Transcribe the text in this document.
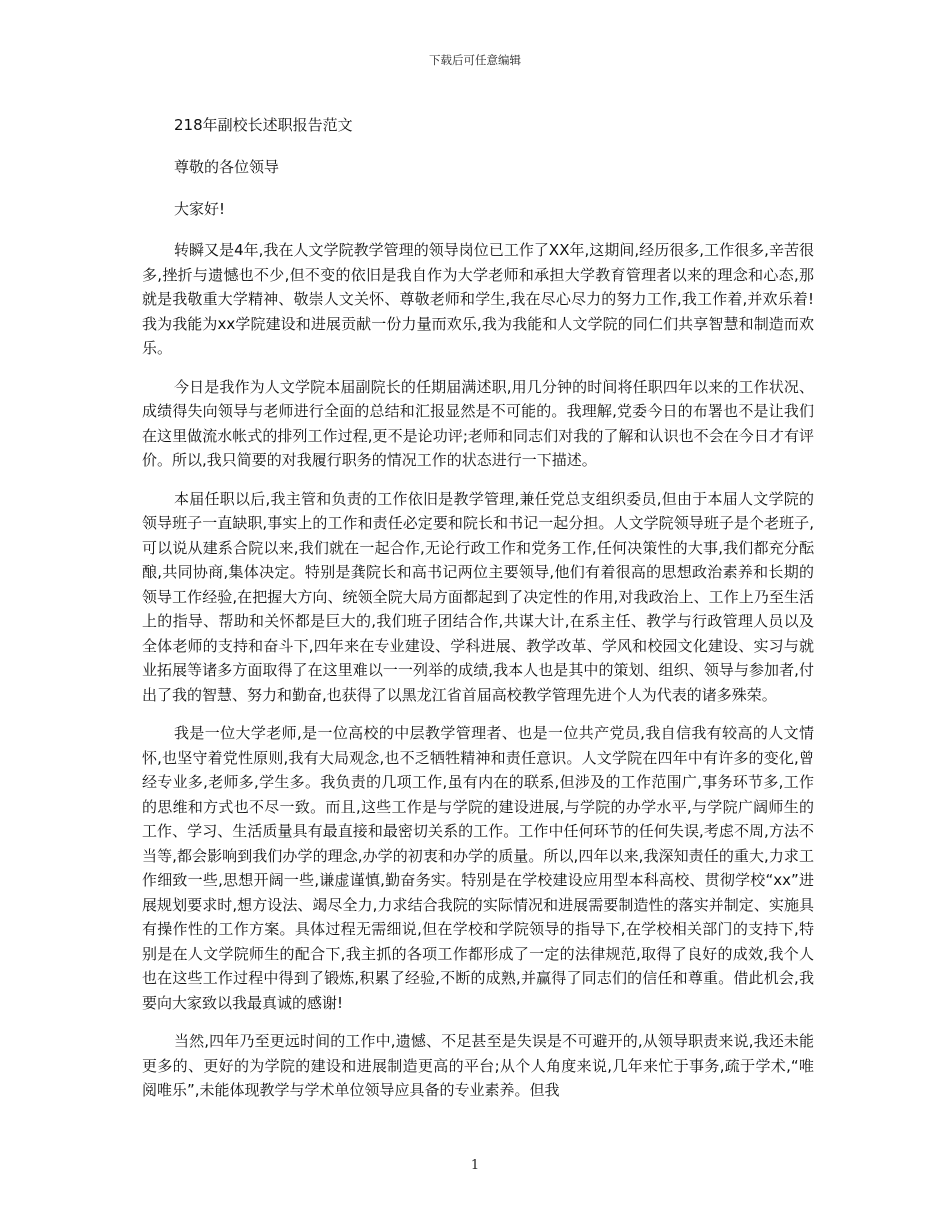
下载后可任意编辑

218年副校长述职报告范文

尊敬的各位领导

大家好!

转瞬又是4年,我在人文学院教学管理的领导岗位已工作了XX年,这期间,经历很多,工作很多,辛苦很多,挫折与遗憾也不少,但不变的依旧是我自作为大学老师和承担大学教育管理者以来的理念和心态,那就是我敬重大学精神、敬崇人文关怀、尊敬老师和学生,我在尽心尽力的努力工作,我工作着,并欢乐着!我为我能为xx学院建设和进展贡献一份力量而欢乐,我为我能和人文学院的同仁们共享智慧和制造而欢乐。

今日是我作为人文学院本届副院长的任期届满述职,用几分钟的时间将任职四年以来的工作状况、成绩得失向领导与老师进行全面的总结和汇报显然是不可能的。我理解,党委今日的布署也不是让我们在这里做流水帐式的排列工作过程,更不是论功评;老师和同志们对我的了解和认识也不会在今日才有评价。所以,我只简要的对我履行职务的情况工作的状态进行一下描述。

本届任职以后,我主管和负责的工作依旧是教学管理,兼任党总支组织委员,但由于本届人文学院的领导班子一直缺职,事实上的工作和责任必定要和院长和书记一起分担。人文学院领导班子是个老班子,可以说从建系合院以来,我们就在一起合作,无论行政工作和党务工作,任何决策性的大事,我们都充分酝酿,共同协商,集体决定。特别是龚院长和高书记两位主要领导,他们有着很高的思想政治素养和长期的领导工作经验,在把握大方向、统领全院大局方面都起到了决定性的作用,对我政治上、工作上乃至生活上的指导、帮助和关怀都是巨大的,我们班子团结合作,共谋大计,在系主任、教学与行政管理人员以及全体老师的支持和奋斗下,四年来在专业建设、学科进展、教学改革、学风和校园文化建设、实习与就业拓展等诸多方面取得了在这里难以一一列举的成绩,我本人也是其中的策划、组织、领导与参加者,付出了我的智慧、努力和勤奋,也获得了以黑龙江省首届高校教学管理先进个人为代表的诸多殊荣。

我是一位大学老师,是一位高校的中层教学管理者、也是一位共产党员,我自信我有较高的人文情怀,也坚守着党性原则,我有大局观念,也不乏牺牲精神和责任意识。人文学院在四年中有许多的变化,曾经专业多,老师多,学生多。我负责的几项工作,虽有内在的联系,但涉及的工作范围广,事务环节多,工作的思维和方式也不尽一致。而且,这些工作是与学院的建设进展,与学院的办学水平,与学院广阔师生的工作、学习、生活质量具有最直接和最密切关系的工作。工作中任何环节的任何失误,考虑不周,方法不当等,都会影响到我们办学的理念,办学的初衷和办学的质量。所以,四年以来,我深知责任的重大,力求工作细致一些,思想开阔一些,谦虚谨慎,勤奋务实。特别是在学校建设应用型本科高校、贯彻学校“xx”进展规划要求时,想方设法、竭尽全力,力求结合我院的实际情况和进展需要制造性的落实并制定、实施具有操作性的工作方案。具体过程无需细说,但在学校和学院领导的指导下,在学校相关部门的支持下,特别是在人文学院师生的配合下,我主抓的各项工作都形成了一定的法律规范,取得了良好的成效,我个人也在这些工作过程中得到了锻炼,积累了经验,不断的成熟,并赢得了同志们的信任和尊重。借此机会,我要向大家致以我最真诚的感谢!

当然,四年乃至更远时间的工作中,遗憾、不足甚至是失误是不可避开的,从领导职责来说,我还未能更多的、更好的为学院的建设和进展制造更高的平台;从个人角度来说,几年来忙于事务,疏于学术,“唯阅唯乐”,未能体现教学与学术单位领导应具备的专业素养。但我

1
